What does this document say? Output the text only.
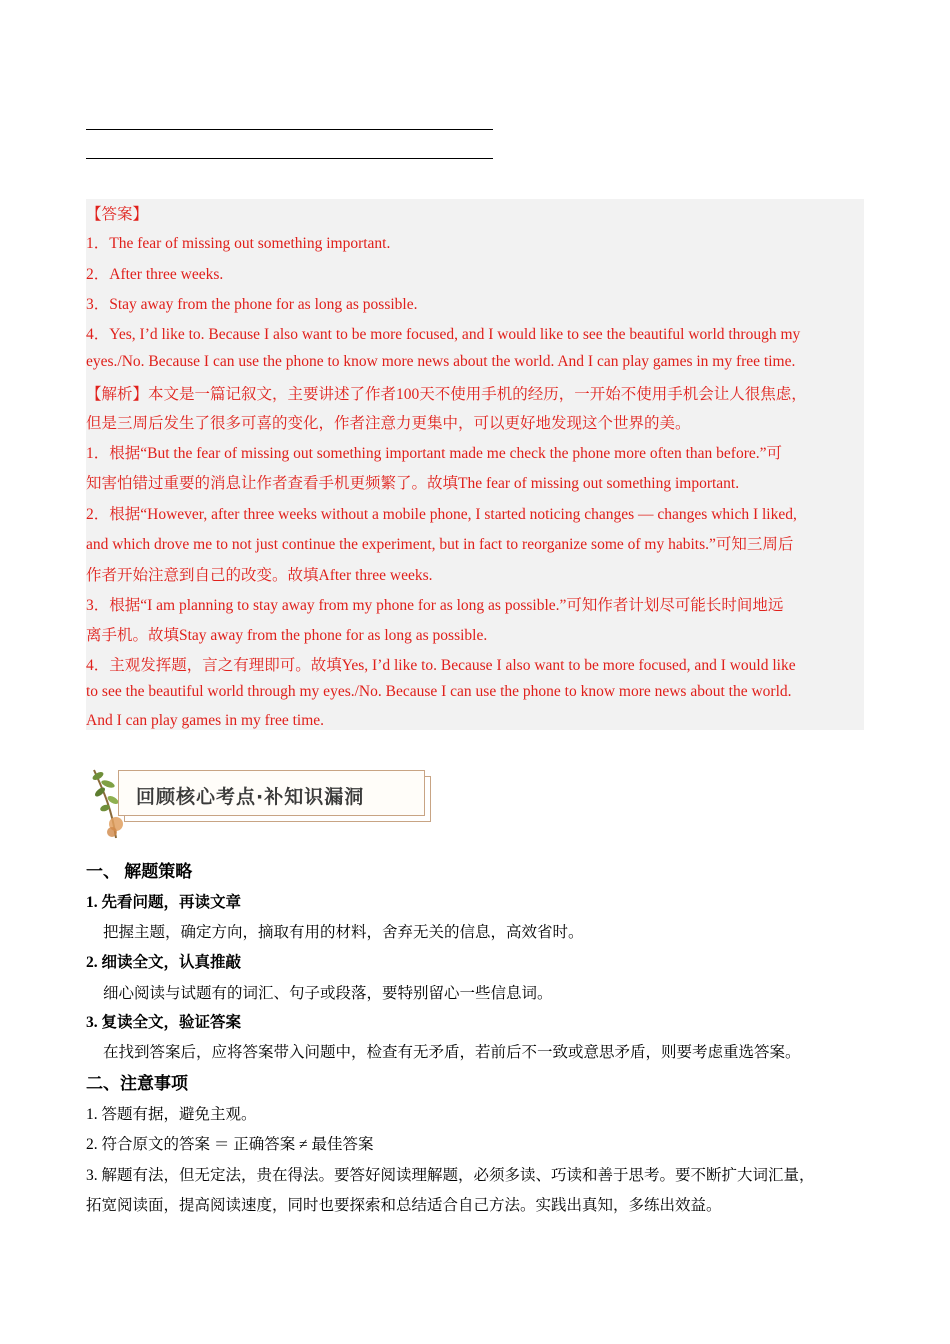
【答案】
1．The fear of missing out something important.
2．After three weeks.
3．Stay away from the phone for as long as possible.
4．Yes, I’d like to. Because I also want to be more focused, and I would like to see the beautiful world through my
eyes./No. Because I can use the phone to know more news about the world. And I can play games in my free time.
【解析】本文是一篇记叙文，主要讲述了作者100天不使用手机的经历，一开始不使用手机会让人很焦虑，
但是三周后发生了很多可喜的变化，作者注意力更集中，可以更好地发现这个世界的美。
1．根据“But the fear of missing out something important made me check the phone more often than before.”可
知害怕错过重要的消息让作者查看手机更频繁了。故填The fear of missing out something important.
2．根据“However, after three weeks without a mobile phone, I started noticing changes — changes which I liked,
and which drove me to not just continue the experiment, but in fact to reorganize some of my habits.”可知三周后
作者开始注意到自己的改变。故填After three weeks.
3．根据“I am planning to stay away from my phone for as long as possible.”可知作者计划尽可能长时间地远
离手机。故填Stay away from the phone for as long as possible.
4．主观发挥题，言之有理即可。故填Yes, I’d like to. Because I also want to be more focused, and I would like
to see the beautiful world through my eyes./No. Because I can use the phone to know more news about the world.
And I can play games in my free time.
回顾核心考点·补知识漏洞
一、 解题策略
1. 先看问题，再读文章
把握主题，确定方向，摘取有用的材料，舍弃无关的信息，高效省时。
2. 细读全文，认真推敲
细心阅读与试题有的词汇、句子或段落，要特别留心一些信息词。
3. 复读全文，验证答案
在找到答案后，应将答案带入问题中，检查有无矛盾，若前后不一致或意思矛盾，则要考虑重选答案。
二、注意事项
1. 答题有据，避免主观。
2. 符合原文的答案 ＝ 正确答案 ≠ 最佳答案
3. 解题有法，但无定法，贵在得法。要答好阅读理解题，必须多读、巧读和善于思考。要不断扩大词汇量，
拓宽阅读面，提高阅读速度，同时也要探索和总结适合自己方法。实践出真知，多练出效益。
